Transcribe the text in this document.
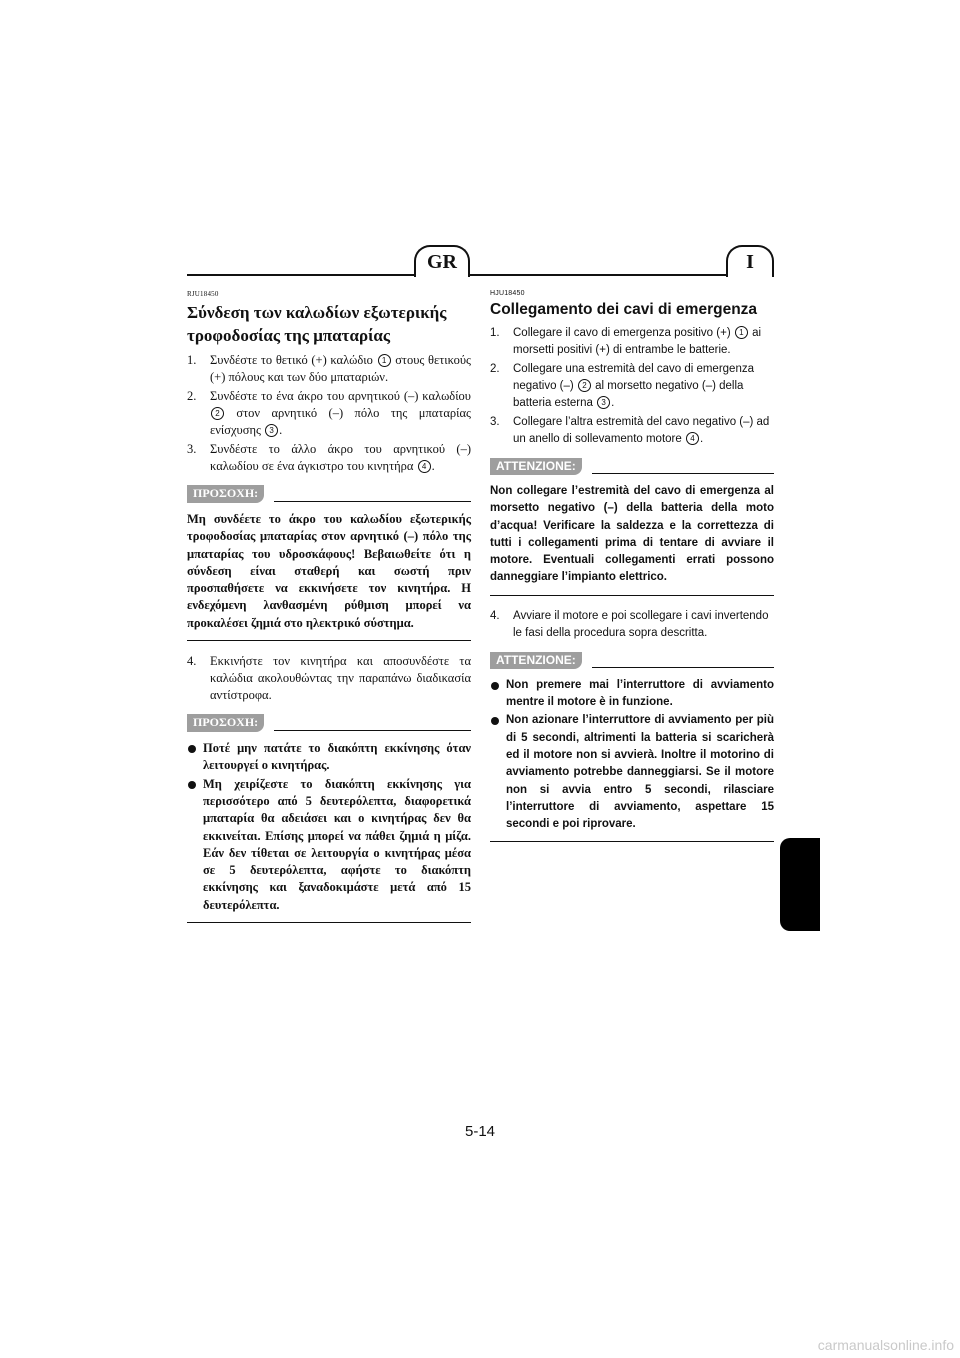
GR	I

RJU18450

Σύνδεση των καλωδίων εξωτερικής τροφοδοσίας της μπαταρίας
1. Συνδέστε το θετικό (+) καλώδιο 1 στους θετικούς (+) πόλους και των δύο μπαταριών.
2. Συνδέστε το ένα άκρο του αρνητικού (–) καλωδίου 2 στον αρνητικό (–) πόλο της μπαταρίας ενίσχυσης 3 .
3. Συνδέστε το άλλο άκρο του αρνητικού (–) καλωδίου σε ένα άγκιστρο του κινητήρα 4 .
ΠΡΟΣΟΧΗ:

Μη συνδέετε το άκρο του καλωδίου εξωτερικής τροφοδοσίας μπαταρίας στον αρνητικό (–) πόλο της μπαταρίας του υδροσκάφους! Βεβαιωθείτε ότι η σύνδεση είναι σταθερή και σωστή πριν προσπαθήσετε να εκκινήσετε τον κινητήρα. Η ενδεχόμενη λανθασμένη ρύθμιση μπορεί να προκαλέσει ζημιά στο ηλεκτρικό σύστημα.

4. Εκκινήστε τον κινητήρα και αποσυνδέστε τα καλώδια ακολουθώντας την παραπάνω διαδικασία αντίστροφα.
ΠΡΟΣΟΧΗ:
Ποτέ μην πατάτε το διακόπτη εκκίνησης όταν λειτουργεί ο κινητήρας.
Μη χειρίζεστε το διακόπτη εκκίνησης για περισσότερο από 5 δευτερόλεπτα, διαφορετικά μπαταρία θα αδειάσει και ο κινητήρας δεν θα εκκινείται. Επίσης μπορεί να πάθει ζημιά η μίζα. Εάν δεν τίθεται σε λειτουργία ο κινητήρας μέσα σε 5 δευτερόλεπτα, αφήστε το διακόπτη εκκίνησης και ξαναδοκιμάστε μετά από 15 δευτερόλεπτα.

HJU18450

Collegamento dei cavi di emergenza
1. Collegare il cavo di emergenza positivo (+) 1 ai morsetti positivi (+) di entrambe le batterie.
2. Collegare una estremità del cavo di emergenza negativo (–) 2 al morsetto negativo (–) della batteria esterna 3 .
3. Collegare l’altra estremità del cavo negativo (–) ad un anello di sollevamento motore 4 .
ATTENZIONE:

Non collegare l’estremità del cavo di emergenza al morsetto negativo (–) della batteria della moto d’acqua! Verificare la saldezza e la correttezza di tutti i collegamenti prima di tentare di avviare il motore. Eventuali collegamenti errati possono danneggiare l’impianto elettrico.

4. Avviare il motore e poi scollegare i cavi invertendo le fasi della procedura sopra descritta.
ATTENZIONE:
Non premere mai l’interruttore di avviamento mentre il motore è in funzione.
Non azionare l’interruttore di avviamento per più di 5 secondi, altrimenti la batteria si scaricherà ed il motore non si avvierà. Inoltre il motorino di avviamento potrebbe danneggiarsi. Se il motore non si avvia entro 5 secondi, rilasciare l’interruttore di avviamento, aspettare 15 secondi e poi riprovare.
5-14
carmanualsonline.info
